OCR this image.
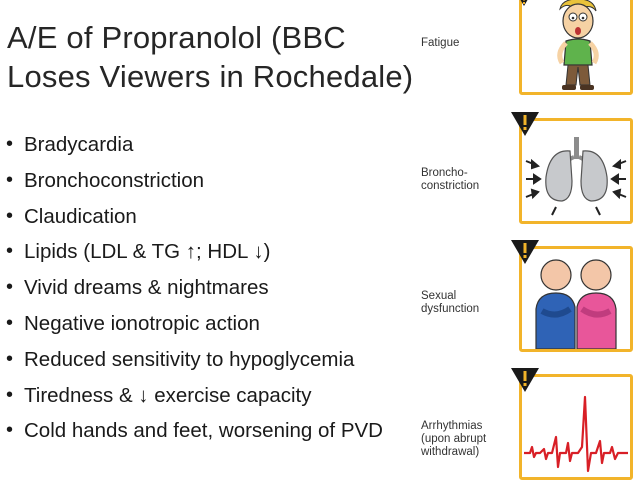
A/E of Propranolol (BBC
Loses Viewers in Rochedale)
• Bradycardia
• Bronchoconstriction
• Claudication
• Lipids (LDL & TG ↑; HDL ↓)
• Vivid dreams & nightmares
• Negative ionotropic action
• Reduced sensitivity to hypoglycemia
• Tiredness & ↓ exercise capacity
• Cold hands and feet, worsening of PVD
Fatigue
Broncho-
constriction
Sexual
dysfunction
Arrhythmias
(upon abrupt
withdrawal)
